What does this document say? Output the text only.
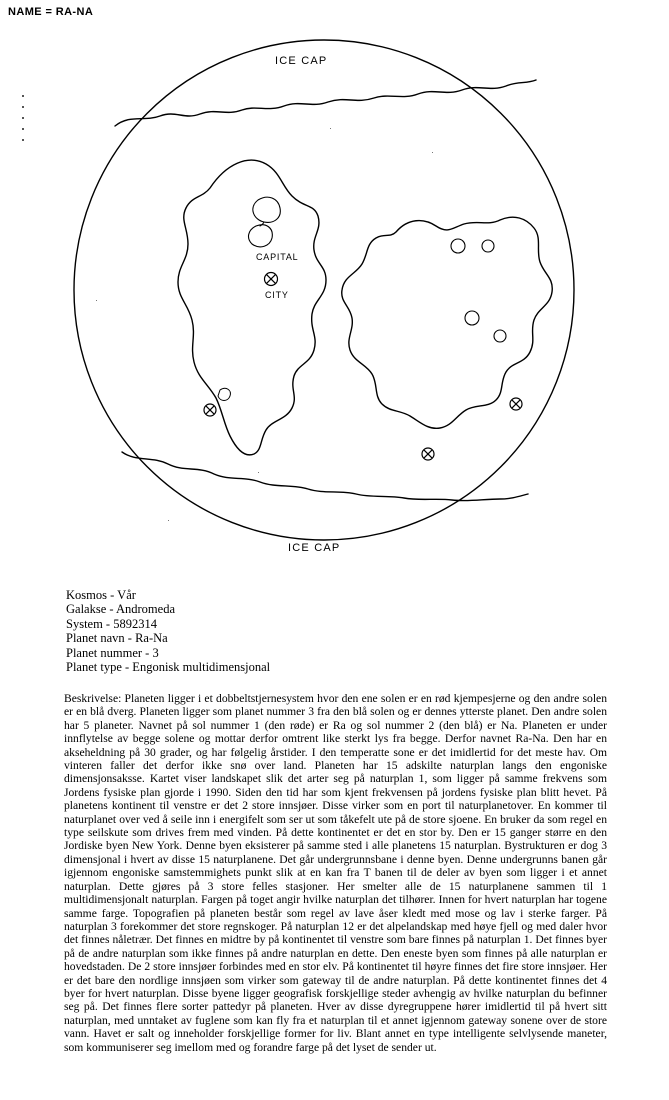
NAME = RA-NA
ICE CAP
ICE CAP
CAPITAL
CITY
Kosmos - Vår
Galakse - Andromeda
System - 5892314
Planet navn - Ra-Na
Planet nummer - 3
Planet type - Engonisk multidimensjonal

Beskrivelse: Planeten ligger i et dobbeltstjernesystem hvor den ene solen er en rød kjempesjerne og den andre solen er en blå dverg. Planeten ligger som planet nummer 3 fra den blå solen og er dennes ytterste planet. Den andre solen har 5 planeter. Navnet på sol nummer 1 (den røde) er Ra og sol nummer 2 (den blå) er Na. Planeten er under innflytelse av begge solene og mottar derfor omtrent like sterkt lys fra begge. Derfor navnet Ra-Na. Den har en akseheldning på 30 grader, og har følgelig årstider. I den temperatte sone er det imidlertid for det meste hav. Om vinteren faller det derfor ikke snø over land. Planeten har 15 adskilte naturplan langs den engoniske dimensjonsaksse. Kartet viser landskapet slik det arter seg på naturplan 1, som ligger på samme frekvens som Jordens fysiske plan gjorde i 1990. Siden den tid har som kjent frekvensen på jordens fysiske plan blitt hevet. På planetens kontinent til venstre er det 2 store innsjøer. Disse virker som en port til naturplanetover. En kommer til naturplanet over ved å seile inn i energifelt som ser ut som tåkefelt ute på de store sjoene. En bruker da som regel en type seilskute som drives frem med vinden. På dette kontinentet er det en stor by. Den er 15 ganger større en den Jordiske byen New York. Denne byen eksisterer på samme sted i alle planetens 15 naturplan. Bystrukturen er dog 3 dimensjonal i hvert av disse 15 naturplanene. Det går undergrunnsbane i denne byen. Denne undergrunns banen går igjennom engoniske samstemmighets punkt slik at en kan fra T banen til de deler av byen som ligger i et annet naturplan. Dette gjøres på 3 store felles stasjoner. Her smelter alle de 15 naturplanene sammen til 1 multidimensjonalt naturplan. Fargen på toget angir hvilke naturplan det tilhører. Innen for hvert naturplan har togene samme farge. Topografien på planeten består som regel av lave åser kledt med mose og lav i sterke farger. På naturplan 3 forekommer det store regnskoger. På naturplan 12 er det alpelandskap med høye fjell og med daler hvor det finnes nåletrær. Det finnes en midtre by på kontinentet til venstre som bare finnes på naturplan 1. Det finnes byer på de andre naturplan som ikke finnes på andre naturplan en dette. Den eneste byen som finnes på alle naturplan er hovedstaden. De 2 store innsjøer forbindes med en stor elv. På kontinentet til høyre finnes det fire store innsjøer. Her er det bare den nordlige innsjøen som virker som gateway til de andre naturplan. På dette kontinentet finnes det 4 byer for hvert naturplan. Disse byene ligger geografisk forskjellige steder avhengig av hvilke naturplan du befinner seg på. Det finnes flere sorter pattedyr på planeten. Hver av disse dyregruppene hører imidlertid til på hvert sitt naturplan, med unntaket av fuglene som kan fly fra et naturplan til et annet igjennom gateway sonene over de store vann. Havet er salt og inneholder forskjellige former for liv. Blant annet en type intelligente selvlysende maneter, som kommuniserer seg imellom med og forandre farge på det lyset de sender ut.
